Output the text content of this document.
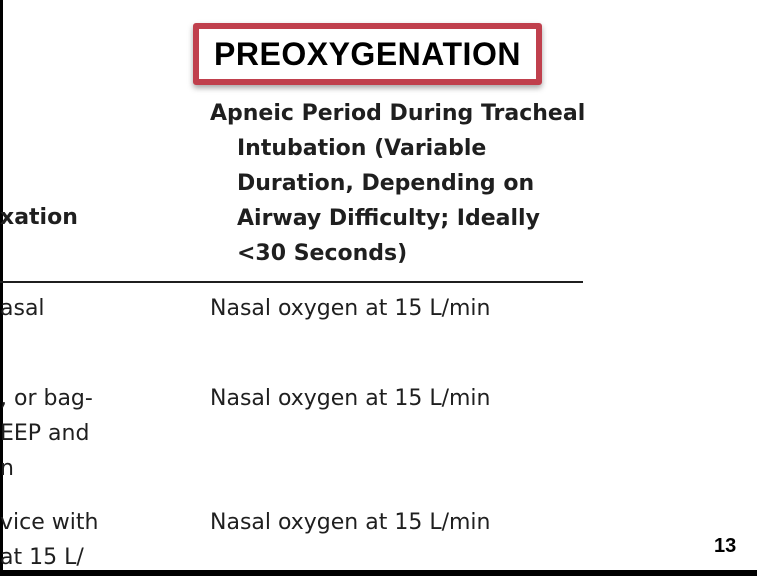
PREOXYGENATION
Apneic Period During Tracheal
Intubation (Variable
Duration, Depending on
Airway Difficulty; Ideally
<30 Seconds)
xation
asal	Nasal oxygen at 15 L/min
, or bag-
EEP and
n
Nasal oxygen at 15 L/min
vice with
at 15 L/
Nasal oxygen at 15 L/min
13
